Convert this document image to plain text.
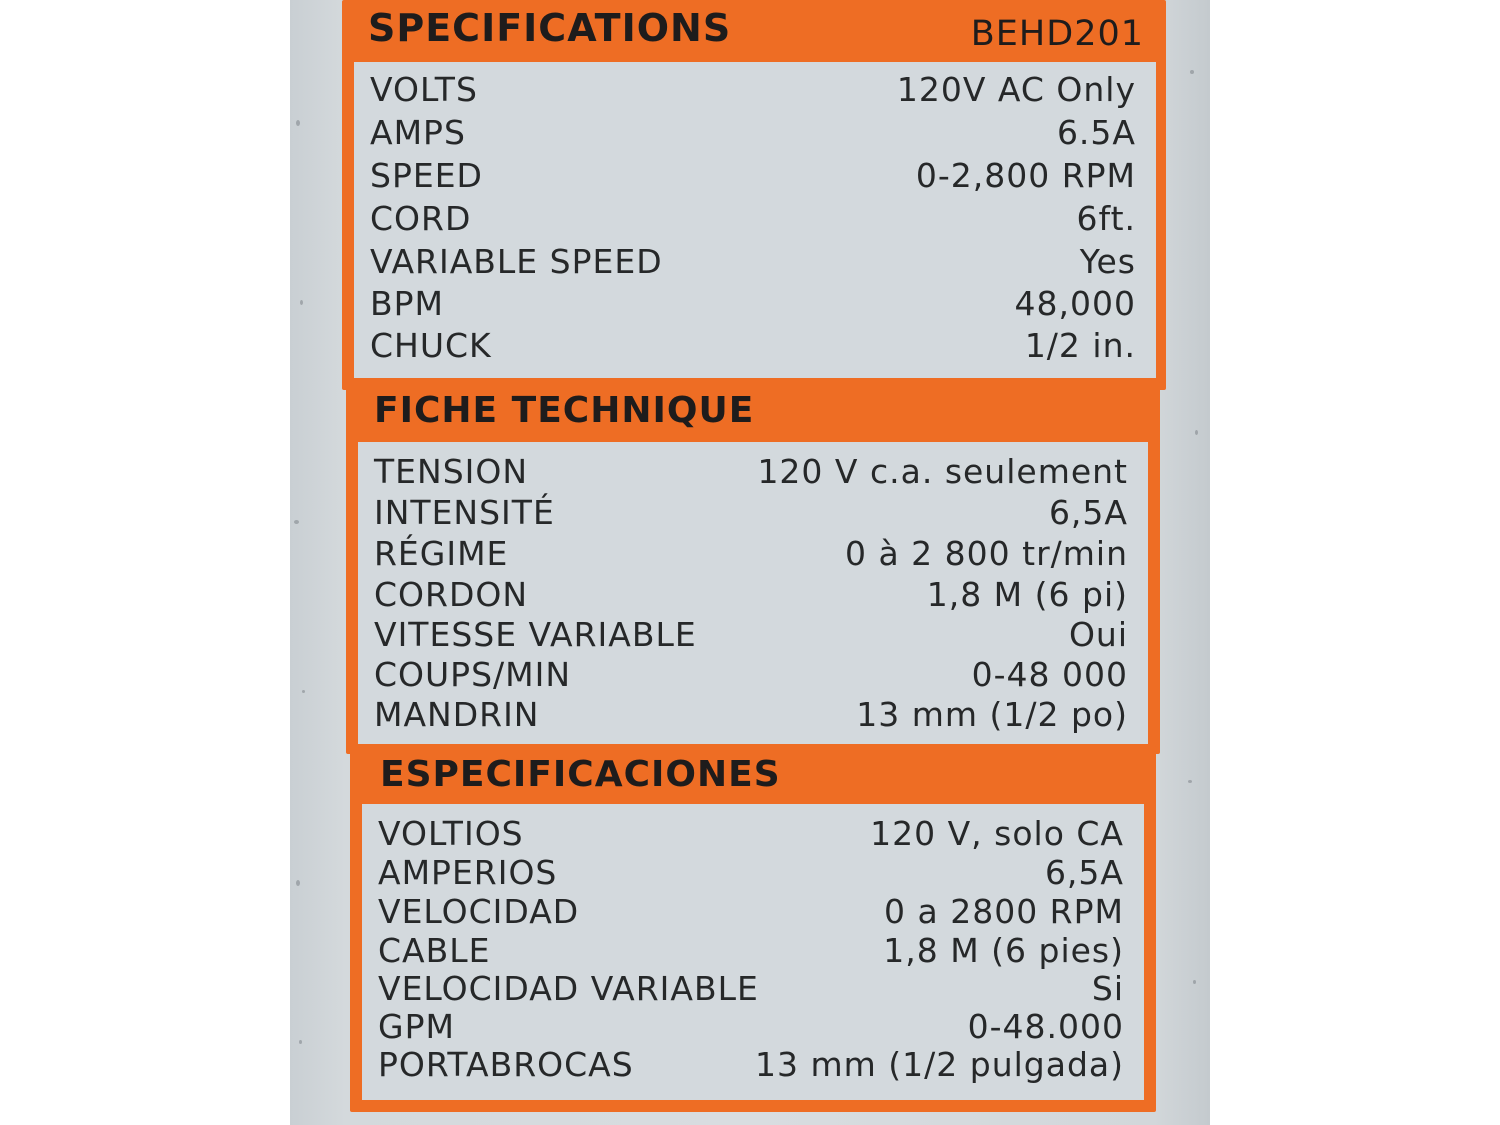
SPECIFICATIONS	BEHD201
VOLTS	120V AC Only
AMPS	6.5A
SPEED	0-2,800 RPM
CORD	6ft.
VARIABLE SPEED	Yes
BPM	48,000
CHUCK	1/2 in.
FICHE TECHNIQUE
TENSION	120 V c.a. seulement
INTENSITÉ	6,5A
RÉGIME	0 à 2 800 tr/min
CORDON	1,8 M (6 pi)
VITESSE VARIABLE	Oui
COUPS/MIN	0-48 000
MANDRIN	13 mm (1/2 po)
ESPECIFICACIONES
VOLTIOS	120 V, solo CA
AMPERIOS	6,5A
VELOCIDAD	0 a 2800 RPM
CABLE	1,8 M (6 pies)
VELOCIDAD VARIABLE	Si
GPM	0-48.000
PORTABROCAS	13 mm (1/2 pulgada)
